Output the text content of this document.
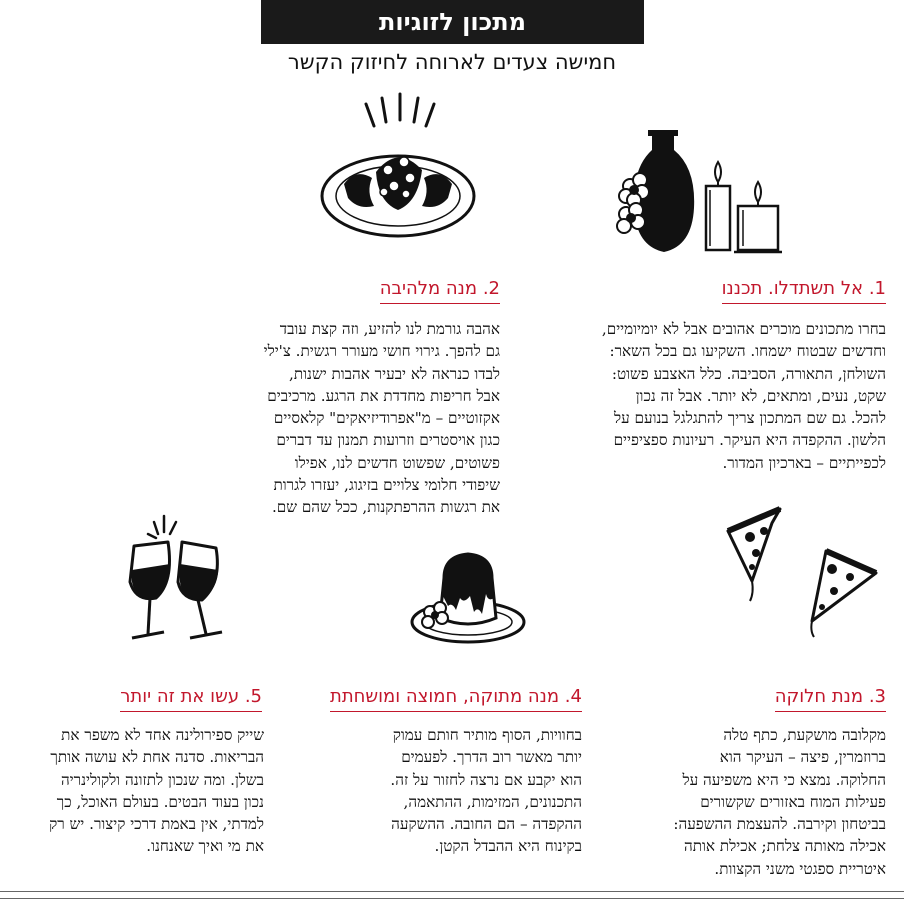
מתכון לזוגיות
חמישה צעדים לארוחה לחיזוק הקשר
1. אל תשתדלו. תכננו
בחרו מתכונים מוכרים אהובים אבל לא יומיומיים,
וחדשים שבטוח ישמחו. השקיעו גם בכל השאר:
השולחן, התאורה, הסביבה. כלל האצבע פשוט:
שקט, נעים, ומתאים, לא יותר. אבל זה נכון
להכל. גם שם המתכון צריך להתגלגל בנועם על
הלשון. ההקפדה היא העיקר. רעיונות ספציפיים
לכפייתיים – בארכיון המדור.
2. מנה מלהיבה
אהבה גורמת לנו להזיע, וזה קצת עובד
גם להפך. גירוי חושי מעורר רגשית. צ'ילי
לבדו כנראה לא יבעיר אהבות ישנות,
אבל חריפות מחדדת את הרגע. מרכיבים
אקזוטיים – מ"אפרודיזיאקים" קלאסיים
כגון אויסטרים וזרועות תמנון עד דברים
פשוטים, שפשוט חדשים לנו, אפילו
שיפודי חלומי צלויים בזיגוג, יעזרו לגרות
את רגשות ההרפתקנות, ככל שהם שם.
3. מנת חלוקה
מקלובה מושקעת, כתף טלה
ברוזמרין, פיצה – העיקר הוא
החלוקה. נמצא כי היא משפיעה על
פעילות המוח באזורים שקשורים
בביטחון וקירבה. להעצמת ההשפעה:
אכילה מאותה צלחת; אכילת אותה
איטריית ספגטי משני הקצוות.
4. מנה מתוקה, חמוצה ומושחתת
בחוויות, הסוף מותיר חותם עמוק
יותר מאשר רוב הדרך. לפעמים
הוא יקבע אם נרצה לחזור על זה.
התכנונים, המזימות, ההתאמה,
ההקפדה – הם החובה. ההשקעה
בקינוח היא ההבדל הקטן.
5. עשו את זה יותר
שייק ספירולינה אחד לא משפר את
הבריאות. סדנה אחת לא עושה אותך
בשלן. ומה שנכון לתזונה ולקולינריה
נכון בעוד הבטים. בעולם האוכל, כך
למדתי, אין באמת דרכי קיצור. יש רק
את מי ואיך שאנחנו.
